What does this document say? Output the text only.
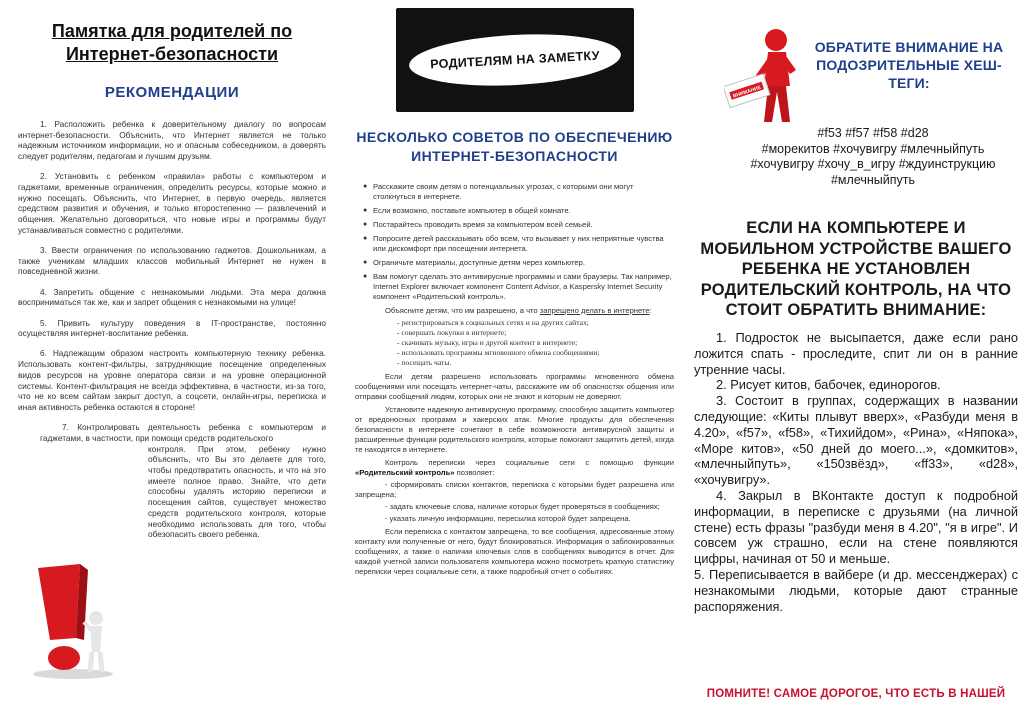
Памятка для родителей по Интернет-безопасности
РЕКОМЕНДАЦИИ

1. Расположить ребенка к доверительному диалогу по вопросам интернет-безопасности. Объяснить, что Интернет является не только надежным источником информации, но и опасным собеседником, а доверять следует родителям, педагогам и лучшим друзьям.

2. Установить с ребенком «правила» работы с компьютером и гаджетами, временные ограничения, определить ресурсы, которые можно и нужно посещать. Объяснить, что Интернет, в первую очередь, является средством развития и обучения, и только второстепенно — развлечений и общения. Желательно договориться, что новые игры и программы будут устанавливаться совместно с родителями.

3. Ввести ограничения по использованию гаджетов. Дошкольникам, а также ученикам младших классов мобильный Интернет не нужен в повседневной жизни.

4. Запретить общение с незнакомыми людьми. Эта мера должна восприниматься так же, как и запрет общения с незнакомыми на улице!

5. Привить культуру поведения в IT-пространстве, постоянно осуществляя интернет-воспитание ребенка.

6. Надлежащим образом настроить компьютерную технику ребенка. Использовать контент-фильтры, затрудняющие посещение определенных видов ресурсов на уровне оператора связи и на уровне операционной системы. Контент-фильтрация не всегда эффективна, в частности, из-за того, что не ко всем сайтам закрыт доступ, а соцсети, онлайн-игры, переписка и иная активность ребенка остаются в стороне!

7. Контролировать деятельность ребенка с компьютером и гаджетами, в частности, при помощи средств родительского
контроля. При этом, ребенку нужно объяснить, что Вы это делаете для того, чтобы предотвратить опасность, и что на это имеете полное право. Знайте, что дети способны удалять историю переписки и посещения сайтов, существует множество средств родительского контроля, которые необходимо использовать для того, чтобы обезопасить своего ребенка.

РОДИТЕЛЯМ НА ЗАМЕТКУ
НЕСКОЛЬКО СОВЕТОВ ПО ОБЕСПЕЧЕНИЮ ИНТЕРНЕТ-БЕЗОПАСНОСТИ
● Расскажите своим детям о потенциальных угрозах, с которыми они могут столкнуться в интернете.
● Если возможно, поставьте компьютер в общей комнате.
● Постарайтесь проводить время за компьютером всей семьей.
● Попросите детей рассказывать обо всем, что вызывает у них неприятные чувства или дискомфорт при посещении интернета.
● Ограничьте материалы, доступные детям через компьютер.
● Вам помогут сделать это антивирусные программы и сами браузеры. Так например, Internet Explorer включает компонент Content Advisor, а Kaspersky Internet Security компонент «Родительский контроль».

Объясните детям, что им разрешено, а что запрещено делать в интернете:

- регистрироваться в социальных сетях и на других сайтах;
- совершать покупки в интернете;
- скачивать музыку, игры и другой контент в интернете;
- использовать программы мгновенного обмена сообщениями;
- посещать чаты.

Если детям разрешено использовать программы мгновенного обмена сообщениями или посещать интернет-чаты, расскажите им об опасностях общения или отправки сообщений людям, которых они не знают и которым не доверяют.

Установите надежную антивирусную программу, способную защитить компьютер от вредоносных программ и хакерских атак. Многие продукты для обеспечения безопасности в интернете сочетают в себе возможности антивирусной защиты и расширенные функции родительского контроля, которые помогают защитить детей, когда те находятся в интернете.

Контроль переписки через социальные сети с помощью функции «Родительский контроль» позволяет:

- сформировать списки контактов, переписка с которыми будет разрешена или запрещена;

- задать ключевые слова, наличие которых будет проверяться в сообщениях;

- указать личную информацию, пересылка которой будет запрещена.

Если переписка с контактом запрещена, то все сообщения, адресованные этому контакту или полученные от него, будут блокироваться. Информация о заблокированных сообщениях, а также о наличии ключевых слов в сообщениях выводится в отчет. Для каждой учетной записи пользователя компьютера можно посмотреть краткую статистику переписки через социальные сети, а также подробный отчет о событиях.

ВНИМАНИЕ
ОБРАТИТЕ ВНИМАНИЕ НА ПОДОЗРИТЕЛЬНЫЕ ХЕШ-ТЕГИ:
#f53 #f57 #f58 #d28
#морекитов #хочувигру #млечныйпуть
#хочувигру #хочу_в_игру #ждуинструкцию
#млечныйпуть
ЕСЛИ НА КОМПЬЮТЕРЕ И МОБИЛЬНОМ УСТРОЙСТВЕ ВАШЕГО РЕБЕНКА НЕ УСТАНОВЛЕН РОДИТЕЛЬСКИЙ КОНТРОЛЬ, НА ЧТО СТОИТ ОБРАТИТЬ ВНИМАНИЕ:

1. Подросток не высыпается, даже если рано ложится спать - проследите, спит ли он в ранние утренние часы.

2. Рисует китов, бабочек, единорогов.

3. Состоит в группах, содержащих в названии следующие: «Киты плывут вверх», «Разбуди меня в 4.20», «f57», «f58», «Тихийдом», «Рина», «Няпока», «Море китов», «50 дней до моего...», «домкитов», «млечныйпуть», «150звёзд», «ff33», «d28», «хочувигру».

4. Закрыл в ВКонтакте доступ к подробной информации, в переписке с друзьями (на личной стене) есть фразы "разбуди меня в 4.20", "я в игре". И совсем уж страшно, если на стене появляются цифры, начиная от 50 и меньше.

5. Переписывается в вайбере (и др. мессенджерах) с незнакомыми людьми, которые дают странные распоряжения.

ПОМНИТЕ! САМОЕ ДОРОГОЕ, ЧТО ЕСТЬ В НАШЕЙ
